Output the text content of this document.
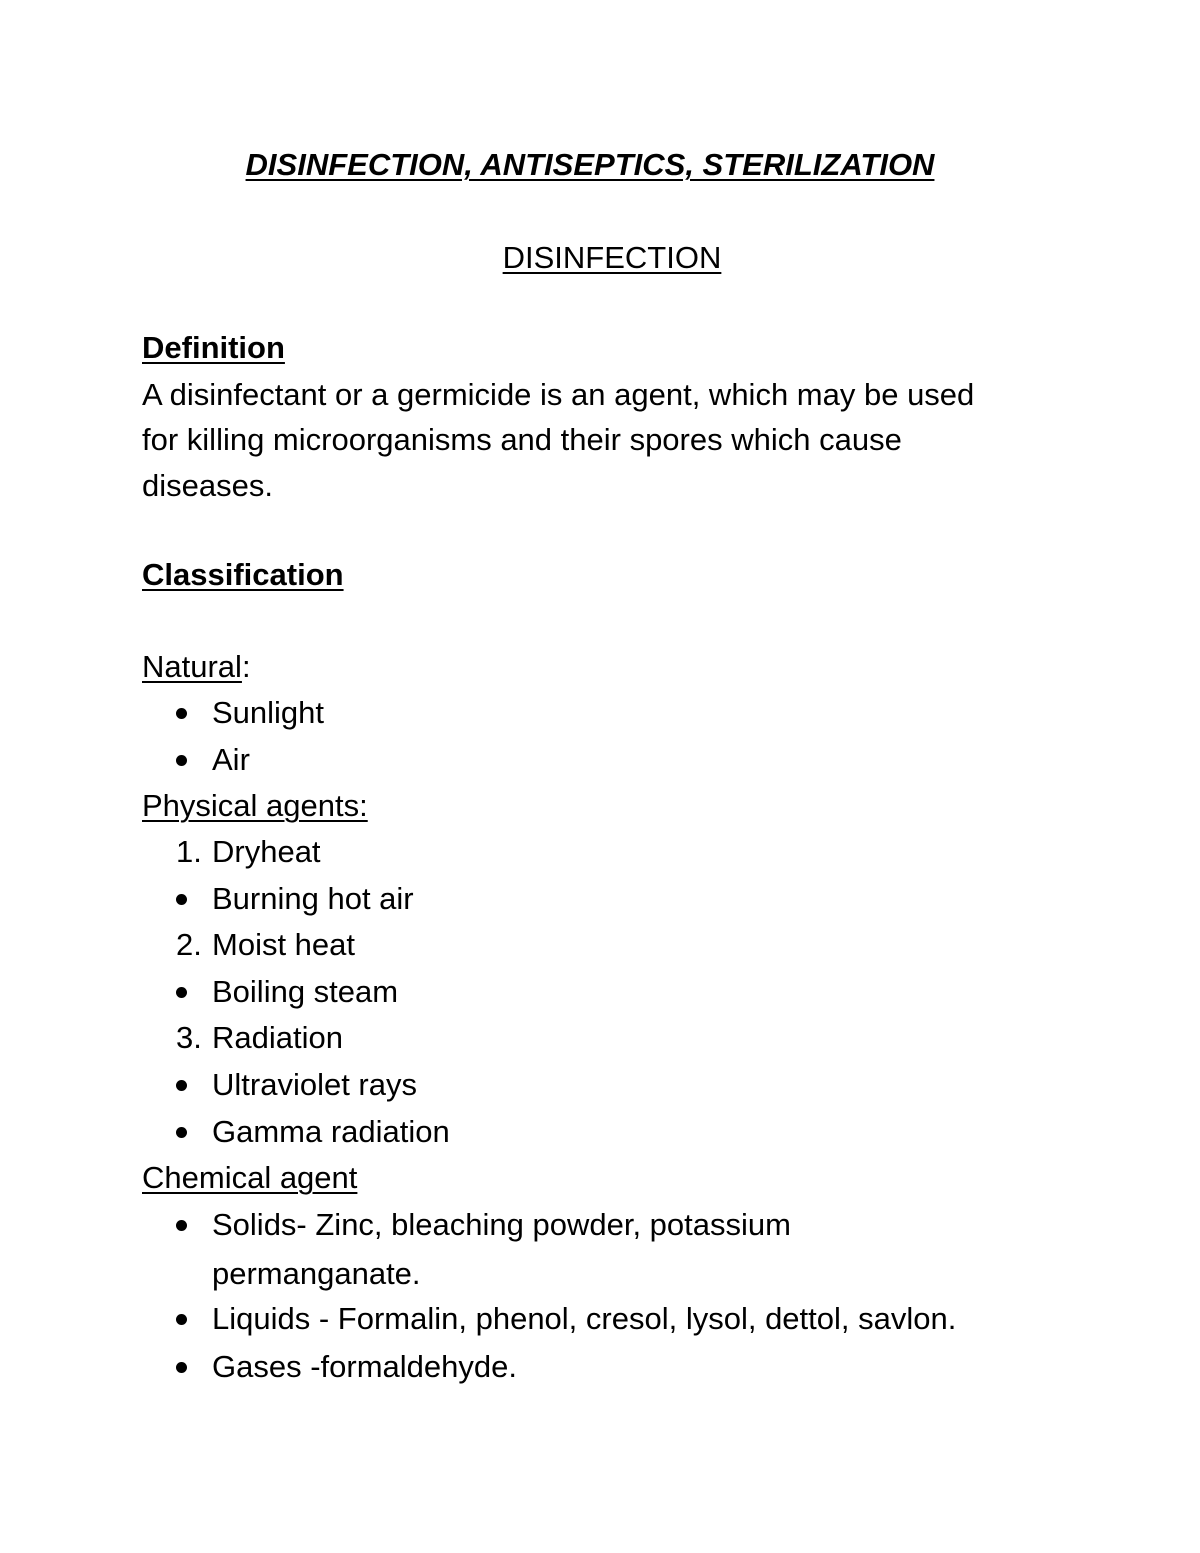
DISINFECTION, ANTISEPTICS, STERILIZATION
DISINFECTION
Definition
A disinfectant or a germicide is an agent, which may be used
for killing microorganisms and their spores which cause
diseases.
Classification
Natural:
Sunlight
Air
Physical agents:
1. Dryheat
Burning hot air
2. Moist heat
Boiling steam
3. Radiation
Ultraviolet rays
Gamma radiation
Chemical agent
Solids- Zinc, bleaching powder, potassium
permanganate.
Liquids - Formalin, phenol, cresol, lysol, dettol, savlon.
Gases -formaldehyde.
